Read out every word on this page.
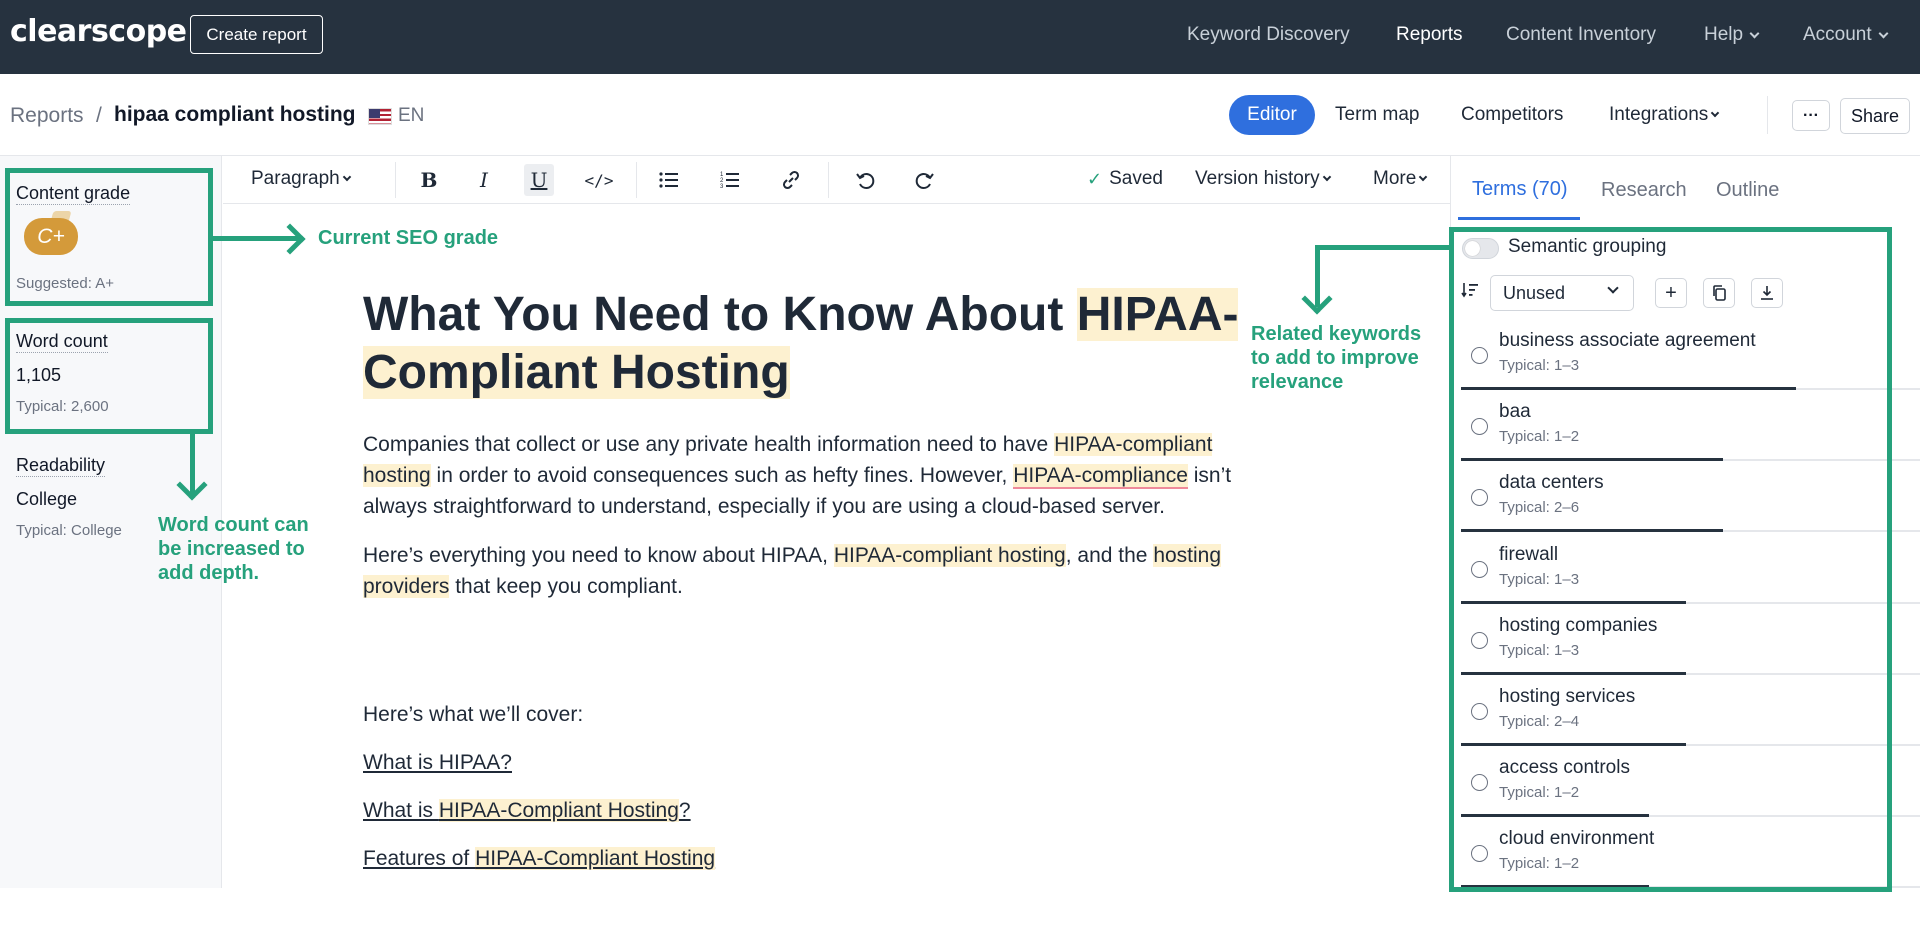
clearscope	Create report	Keyword Discovery Reports Content Inventory	Help	Account
Reports / hipaa compliant hosting EN	Editor	Term map Competitors Integrations	···	Share
Content grade
C+
Suggested: A+
Word count
1,105
Typical: 2,600
Readability
College
Typical: College
Paragraph	B	I	U	</>	1
2
3	✓ Saved Version history	More
What You Need to Know About HIPAA-Compliant Hosting
Companies that collect or use any private health information need to have HIPAA-compliant hosting in order to avoid consequences such as hefty fines. However, HIPAA-compliance isn’t always straightforward to understand, especially if you are using a cloud-based server.
Here’s everything you need to know about HIPAA, HIPAA-compliant hosting, and the hosting providers that keep you compliant.
Here’s what we’ll cover:
What is HIPAA?
What is HIPAA-Compliant Hosting?
Features of HIPAA-Compliant Hosting
Terms (70) Research Outline
Semantic grouping
Unused	+
business associate agreement
Typical: 1–3
baa
Typical: 1–2
data centers
Typical: 2–6
firewall
Typical: 1–3
hosting companies
Typical: 1–3
hosting services
Typical: 2–4
access controls
Typical: 1–2
cloud environment
Typical: 1–2
Current SEO grade
Word count can
be increased to
add depth.
Related keywords
to add to improve
relevance
